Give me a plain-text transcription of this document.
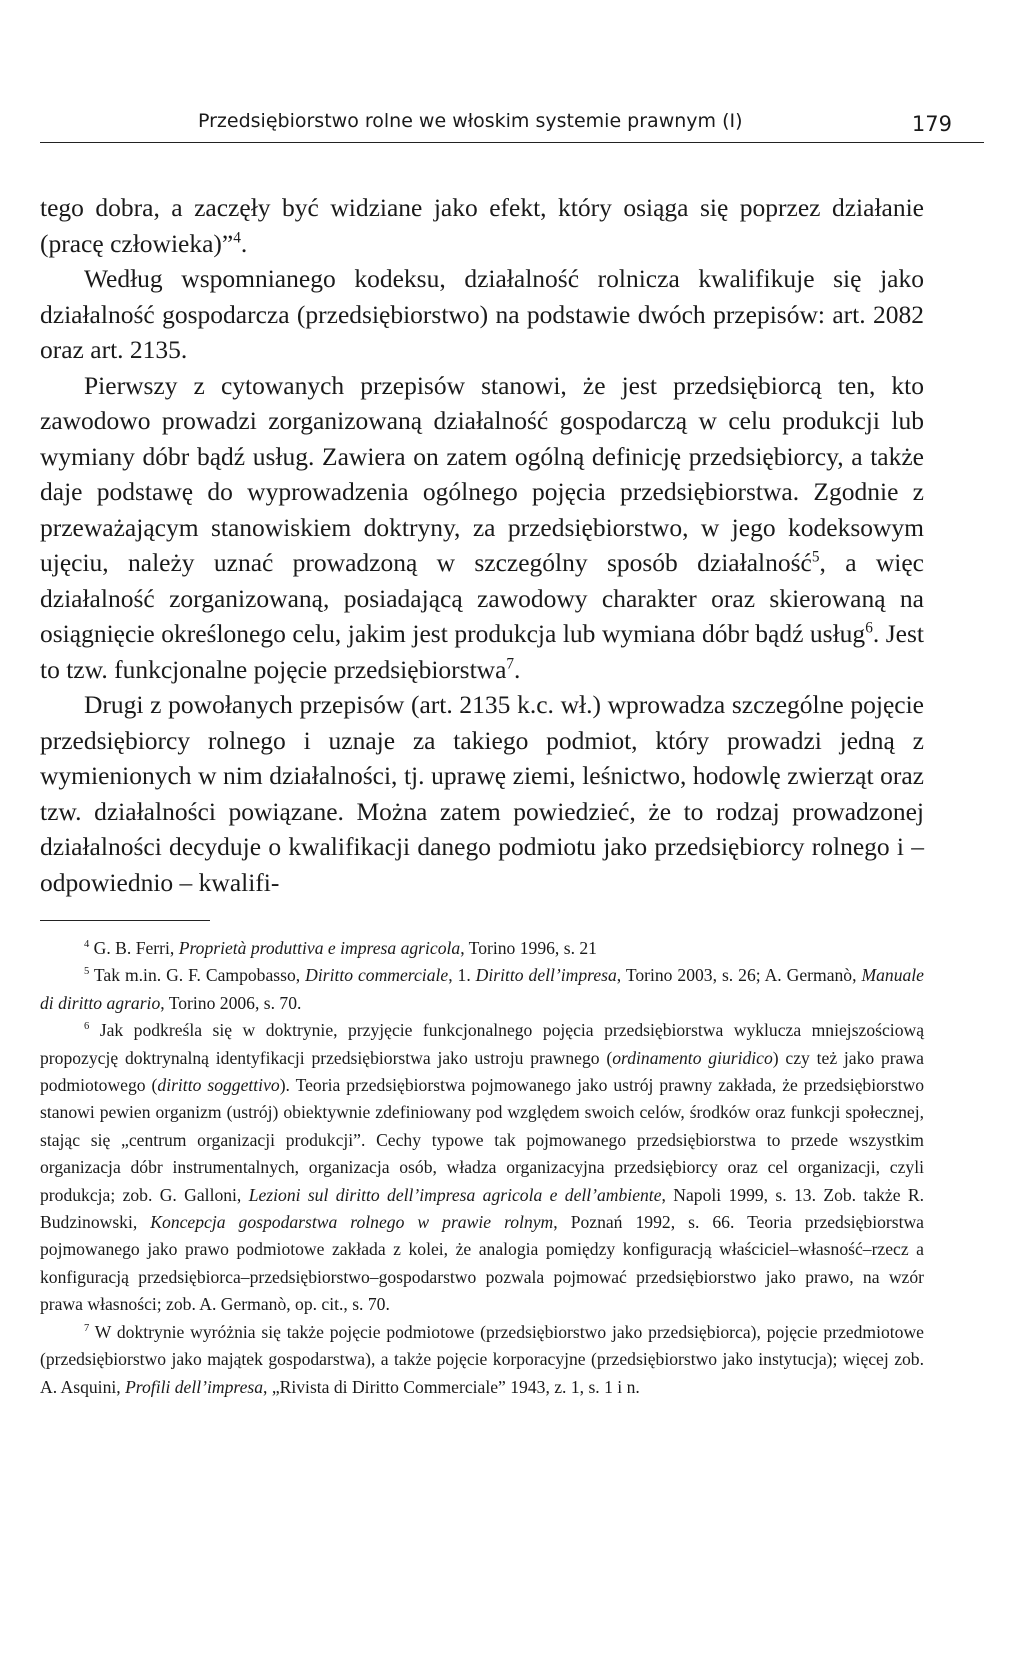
Przedsiębiorstwo rolne we włoskim systemie prawnym (I)	179

tego dobra, a zaczęły być widziane jako efekt, który osiąga się poprzez działanie (pracę człowieka)”$^4$.

Według wspomnianego kodeksu, działalność rolnicza kwalifikuje się jako działalność gospodarcza (przedsiębiorstwo) na podstawie dwóch przepisów: art. 2082 oraz art. 2135.

Pierwszy z cytowanych przepisów stanowi, że jest przedsiębiorcą ten, kto zawodowo prowadzi zorganizowaną działalność gospodarczą w celu produkcji lub wymiany dóbr bądź usług. Zawiera on zatem ogólną definicję przedsiębiorcy, a także daje podstawę do wyprowadzenia ogólnego pojęcia przedsiębiorstwa. Zgodnie z przeważającym stanowiskiem doktryny, za przedsiębiorstwo, w jego kodeksowym ujęciu, należy uznać prowadzoną w szczególny sposób działalność$^5$, a więc działalność zorganizowaną, posiadającą zawodowy charakter oraz skierowaną na osiągnięcie określonego celu, jakim jest produkcja lub wymiana dóbr bądź usług$^6$. Jest to tzw. funkcjonalne pojęcie przedsiębiorstwa$^7$.

Drugi z powołanych przepisów (art. 2135 k.c. wł.) wprowadza szczególne pojęcie przedsiębiorcy rolnego i uznaje za takiego podmiot, który prowadzi jedną z wymienionych w nim działalności, tj. uprawę ziemi, leśnictwo, hodowlę zwierząt oraz tzw. działalności powiązane. Można zatem powiedzieć, że to rodzaj prowadzonej działalności decyduje o kwalifikacji danego podmiotu jako przedsiębiorcy rolnego i – odpowiednio – kwalifi-

$^4$ G. B. Ferri, Proprietà produttiva e impresa agricola, Torino 1996, s. 21

$^5$ Tak m.in. G. F. Campobasso, Diritto commerciale, 1. Diritto dell’impresa, Torino 2003, s. 26; A. Germanò, Manuale di diritto agrario, Torino 2006, s. 70.

$^6$ Jak podkreśla się w doktrynie, przyjęcie funkcjonalnego pojęcia przedsiębiorstwa wyklucza mniejszościową propozycję doktrynalną identyfikacji przedsiębiorstwa jako ustroju prawnego (ordinamento giuridico) czy też jako prawa podmiotowego (diritto soggettivo). Teoria przedsiębiorstwa pojmowanego jako ustrój prawny zakłada, że przedsiębiorstwo stanowi pewien organizm (ustrój) obiektywnie zdefiniowany pod względem swoich celów, środków oraz funkcji społecznej, stając się „centrum organizacji produkcji”. Cechy typowe tak pojmowanego przedsiębiorstwa to przede wszystkim organizacja dóbr instrumentalnych, organizacja osób, władza organizacyjna przedsiębiorcy oraz cel organizacji, czyli produkcja; zob. G. Galloni, Lezioni sul diritto dell’impresa agricola e dell’ambiente, Napoli 1999, s. 13. Zob. także R. Budzinowski, Koncepcja gospodarstwa rolnego w prawie rolnym, Poznań 1992, s. 66. Teoria przedsiębiorstwa pojmowanego jako prawo podmiotowe zakłada z kolei, że analogia pomiędzy konfiguracją właściciel–własność–rzecz a konfiguracją przedsiębiorca–przedsiębiorstwo–gospodarstwo pozwala pojmować przedsiębiorstwo jako prawo, na wzór prawa własności; zob. A. Germanò, op. cit., s. 70.

$^7$ W doktrynie wyróżnia się także pojęcie podmiotowe (przedsiębiorstwo jako przedsiębiorca), pojęcie przedmiotowe (przedsiębiorstwo jako majątek gospodarstwa), a także pojęcie korporacyjne (przedsiębiorstwo jako instytucja); więcej zob. A. Asquini, Profili dell’impresa, „Rivista di Diritto Commerciale” 1943, z. 1, s. 1 i n.
